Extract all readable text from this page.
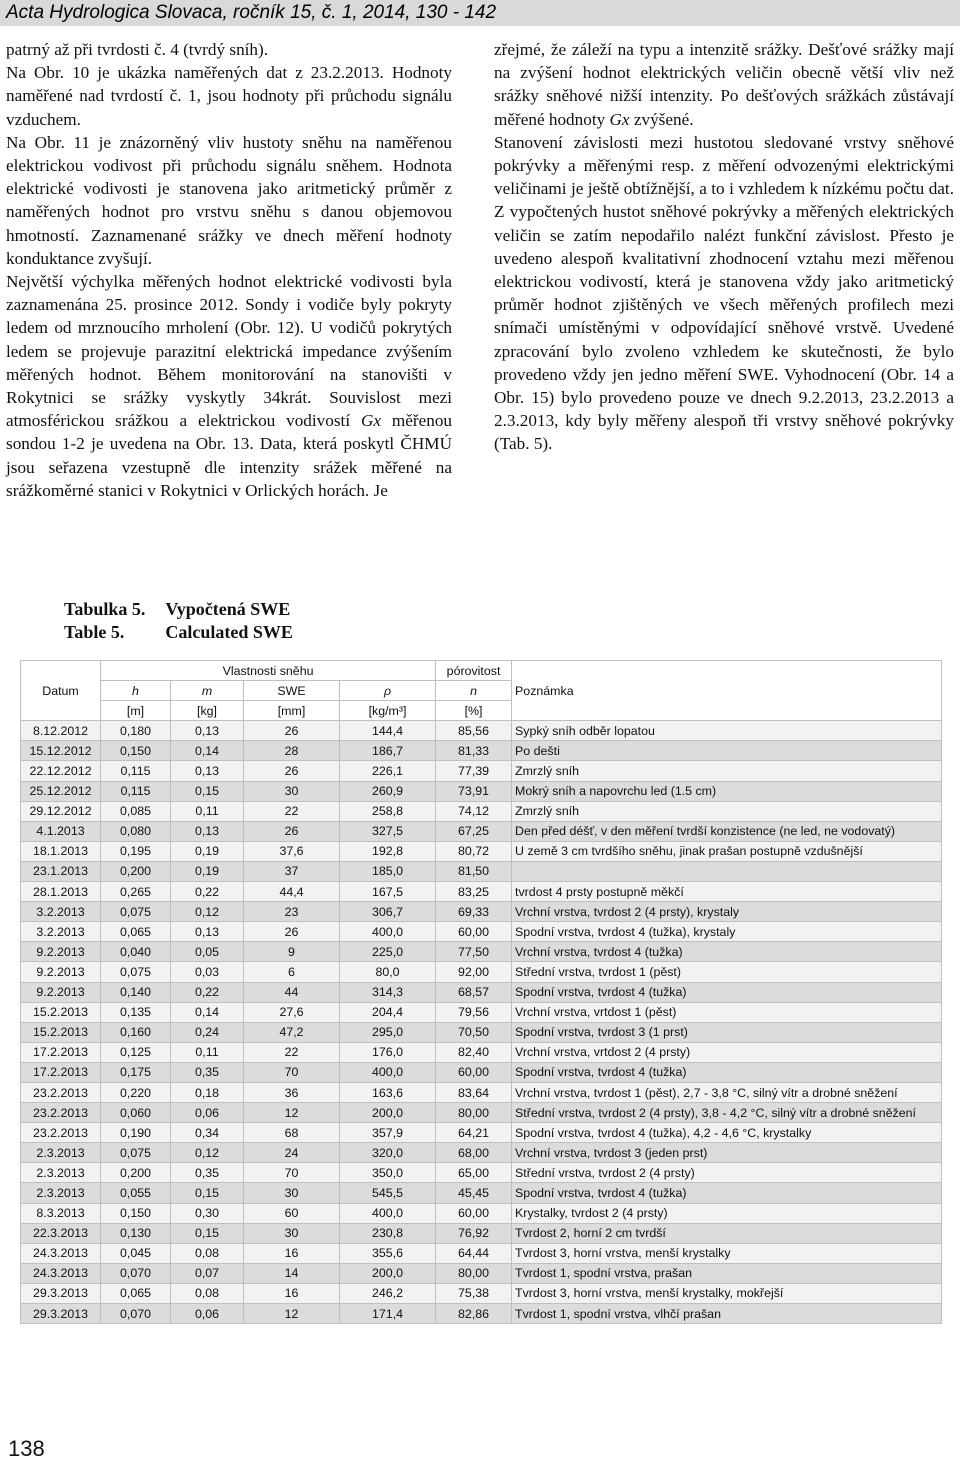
Acta Hydrologica Slovaca, ročník 15, č. 1, 2014, 130 - 142

patrný až při tvrdosti č. 4 (tvrdý sníh).

Na Obr. 10 je ukázka naměřených dat z 23.2.2013. Hodnoty naměřené nad tvrdostí č. 1, jsou hodnoty při průchodu signálu vzduchem.

Na Obr. 11 je znázorněný vliv hustoty sněhu na naměřenou elektrickou vodivost při průchodu signálu sněhem. Hodnota elektrické vodivosti je stanovena jako aritmetický průměr z naměřených hodnot pro vrstvu sněhu s danou objemovou hmotností. Zaznamenané srážky ve dnech měření hodnoty konduktance zvyšují.

Největší výchylka měřených hodnot elektrické vodivosti byla zaznamenána 25. prosince 2012. Sondy i vodiče byly pokryty ledem od mrznoucího mrholení (Obr. 12). U vodičů pokrytých ledem se projevuje parazitní elektrická impedance zvýšením měřených hodnot. Během monitorování na stanovišti v Rokytnici se srážky vyskytly 34krát. Souvislost mezi atmosférickou srážkou a elektrickou vodivostí Gx měřenou sondou 1-2 je uvedena na Obr. 13. Data, která poskytl ČHMÚ jsou seřazena vzestupně dle intenzity srážek měřené na srážkoměrné stanici v Rokytnici v Orlických horách. Je

zřejmé, že záleží na typu a intenzitě srážky. Dešťové srážky mají na zvýšení hodnot elektrických veličin obecně větší vliv než srážky sněhové nižší intenzity. Po dešťových srážkách zůstávají měřené hodnoty Gx zvýšené.

Stanovení závislosti mezi hustotou sledované vrstvy sněhové pokrývky a měřenými resp. z měření odvozenými elektrickými veličinami je ještě obtížnější, a to i vzhledem k nízkému počtu dat. Z vypočtených hustot sněhové pokrývky a měřených elektrických veličin se zatím nepodařilo nalézt funkční závislost. Přesto je uvedeno alespoň kvalitativní zhodnocení vztahu mezi měřenou elektrickou vodivostí, která je stanovena vždy jako aritmetický průměr hodnot zjištěných ve všech měřených profilech mezi snímači umístěnými v odpovídající sněhové vrstvě. Uvedené zpracování bylo zvoleno vzhledem ke skutečnosti, že bylo provedeno vždy jen jedno měření SWE. Vyhodnocení (Obr. 14 a Obr. 15) bylo provedeno pouze ve dnech 9.2.2013, 23.2.2013 a 2.3.2013, kdy byly měřeny alespoň tři vrstvy sněhové pokrývky (Tab. 5).

Tabulka 5.	Vypočtená SWE
Table 5.	Calculated SWE
Datum	Vlastnosti sněhu				pórovitost	Poznámka
	h	m	SWE	ρ	n	
	[m]	[kg]	[mm]	[kg/m³]	[%]	
8.12.2012	0,180	0,13	26	144,4	85,56	Sypký sníh odběr lopatou
15.12.2012	0,150	0,14	28	186,7	81,33	Po dešti
22.12.2012	0,115	0,13	26	226,1	77,39	Zmrzlý sníh
25.12.2012	0,115	0,15	30	260,9	73,91	Mokrý sníh a napovrchu led (1.5 cm)
29.12.2012	0,085	0,11	22	258,8	74,12	Zmrzlý sníh
4.1.2013	0,080	0,13	26	327,5	67,25	Den před déšť, v den měření tvrdší konzistence (ne led, ne vodovatý)
18.1.2013	0,195	0,19	37,6	192,8	80,72	U země 3 cm tvrdšího sněhu, jinak prašan postupně vzdušnější
23.1.2013	0,200	0,19	37	185,0	81,50	
28.1.2013	0,265	0,22	44,4	167,5	83,25	tvrdost 4 prsty postupně měkčí
3.2.2013	0,075	0,12	23	306,7	69,33	Vrchní vrstva, tvrdost 2 (4 prsty), krystaly
3.2.2013	0,065	0,13	26	400,0	60,00	Spodní vrstva, tvrdost 4 (tužka), krystaly
9.2.2013	0,040	0,05	9	225,0	77,50	Vrchní vrstva, tvrdost 4 (tužka)
9.2.2013	0,075	0,03	6	80,0	92,00	Střední vrstva, tvrdost 1 (pěst)
9.2.2013	0,140	0,22	44	314,3	68,57	Spodní vrstva, tvrdost 4 (tužka)
15.2.2013	0,135	0,14	27,6	204,4	79,56	Vrchní vrstva, vrtdost 1 (pěst)
15.2.2013	0,160	0,24	47,2	295,0	70,50	Spodní vrstva, tvrdost 3 (1 prst)
17.2.2013	0,125	0,11	22	176,0	82,40	Vrchní vrstva, vrtdost 2 (4 prsty)
17.2.2013	0,175	0,35	70	400,0	60,00	Spodní vrstva, tvrdost 4 (tužka)
23.2.2013	0,220	0,18	36	163,6	83,64	Vrchní vrstva, tvrdost 1 (pěst), 2,7 - 3,8 °C, silný vítr a drobné sněžení
23.2.2013	0,060	0,06	12	200,0	80,00	Střední vrstva, tvrdost 2 (4 prsty), 3,8 - 4,2 °C, silný vítr a drobné sněžení
23.2.2013	0,190	0,34	68	357,9	64,21	Spodní vrstva, tvrdost 4 (tužka), 4,2 - 4,6 °C, krystalky
2.3.2013	0,075	0,12	24	320,0	68,00	Vrchní vrstva, tvrdost 3 (jeden prst)
2.3.2013	0,200	0,35	70	350,0	65,00	Střední vrstva, tvrdost 2 (4 prsty)
2.3.2013	0,055	0,15	30	545,5	45,45	Spodní vrstva, tvrdost 4 (tužka)
8.3.2013	0,150	0,30	60	400,0	60,00	Krystalky, tvrdost 2 (4 prsty)
22.3.2013	0,130	0,15	30	230,8	76,92	Tvrdost 2, horní 2 cm tvrdší
24.3.2013	0,045	0,08	16	355,6	64,44	Tvrdost 3, horní vrstva, menší krystalky
24.3.2013	0,070	0,07	14	200,0	80,00	Tvrdost 1, spodní vrstva, prašan
29.3.2013	0,065	0,08	16	246,2	75,38	Tvrdost 3, horní vrstva, menší krystalky, mokřejší
29.3.2013	0,070	0,06	12	171,4	82,86	Tvrdost 1, spodní vrstva, vlhčí prašan
138
